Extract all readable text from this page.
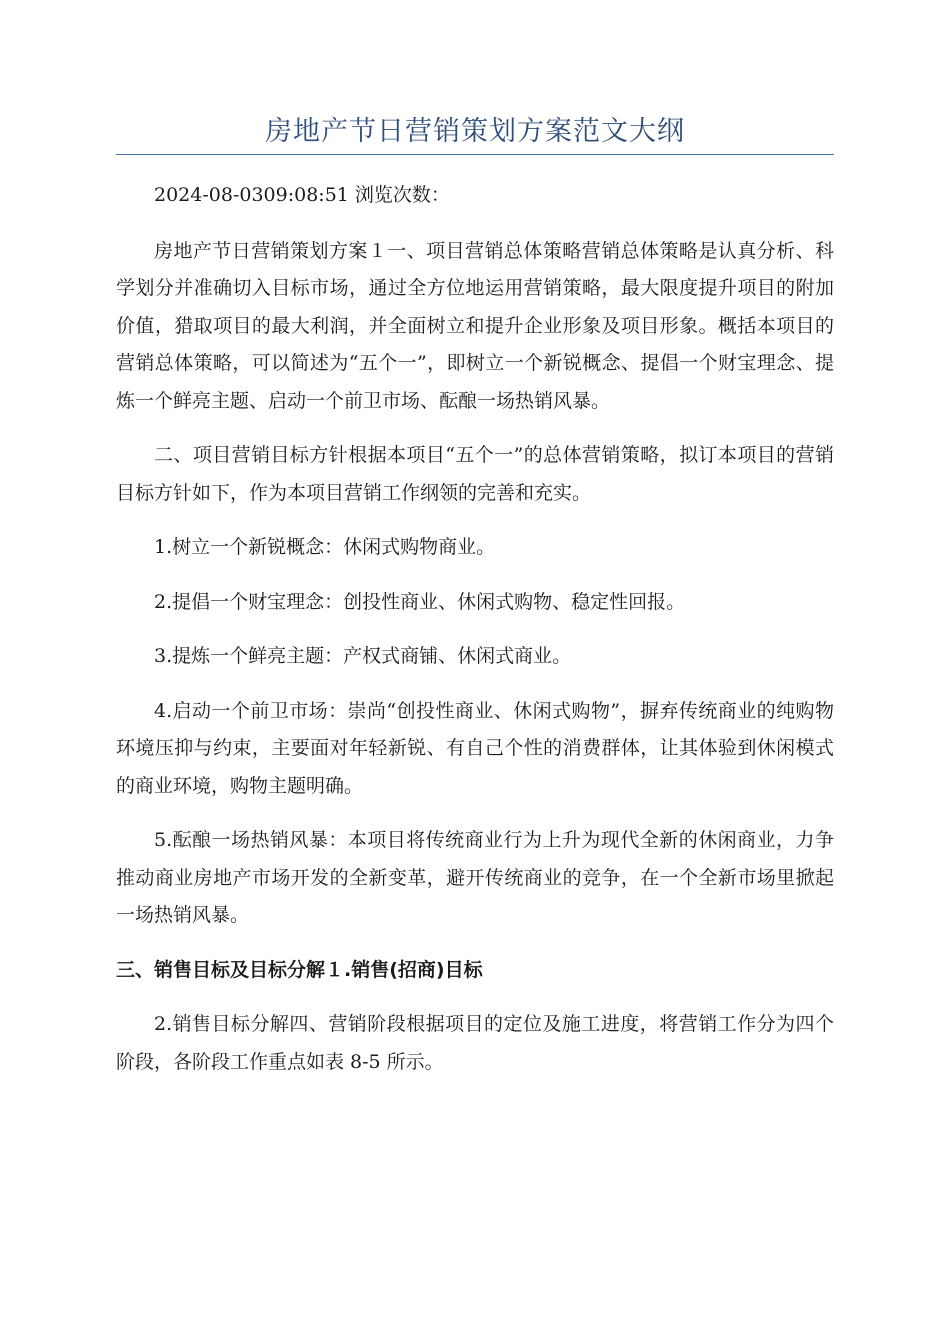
房地产节日营销策划方案范文大纲

2024-08-0309:08:51 浏览次数：

房地产节日营销策划方案１一、项目营销总体策略营销总体策略是认真分析、科学划分并准确切入目标市场，通过全方位地运用营销策略，最大限度提升项目的附加价值，猎取项目的最大利润，并全面树立和提升企业形象及项目形象。概括本项目的营销总体策略，可以简述为“五个一”，即树立一个新锐概念、提倡一个财宝理念、提炼一个鲜亮主题、启动一个前卫市场、酝酿一场热销风暴。

二、项目营销目标方针根据本项目“五个一”的总体营销策略，拟订本项目的营销目标方针如下，作为本项目营销工作纲领的完善和充实。

1.树立一个新锐概念：休闲式购物商业。

2.提倡一个财宝理念：创投性商业、休闲式购物、稳定性回报。

3.提炼一个鲜亮主题：产权式商铺、休闲式商业。

4.启动一个前卫市场：崇尚“创投性商业、休闲式购物”，摒弃传统商业的纯购物环境压抑与约束，主要面对年轻新锐、有自己个性的消费群体，让其体验到休闲模式的商业环境，购物主题明确。

5.酝酿一场热销风暴：本项目将传统商业行为上升为现代全新的休闲商业，力争推动商业房地产市场开发的全新变革，避开传统商业的竞争，在一个全新市场里掀起一场热销风暴。

三、销售目标及目标分解１.销售(招商)目标

2.销售目标分解四、营销阶段根据项目的定位及施工进度，将营销工作分为四个阶段，各阶段工作重点如表 8-5 所示。
